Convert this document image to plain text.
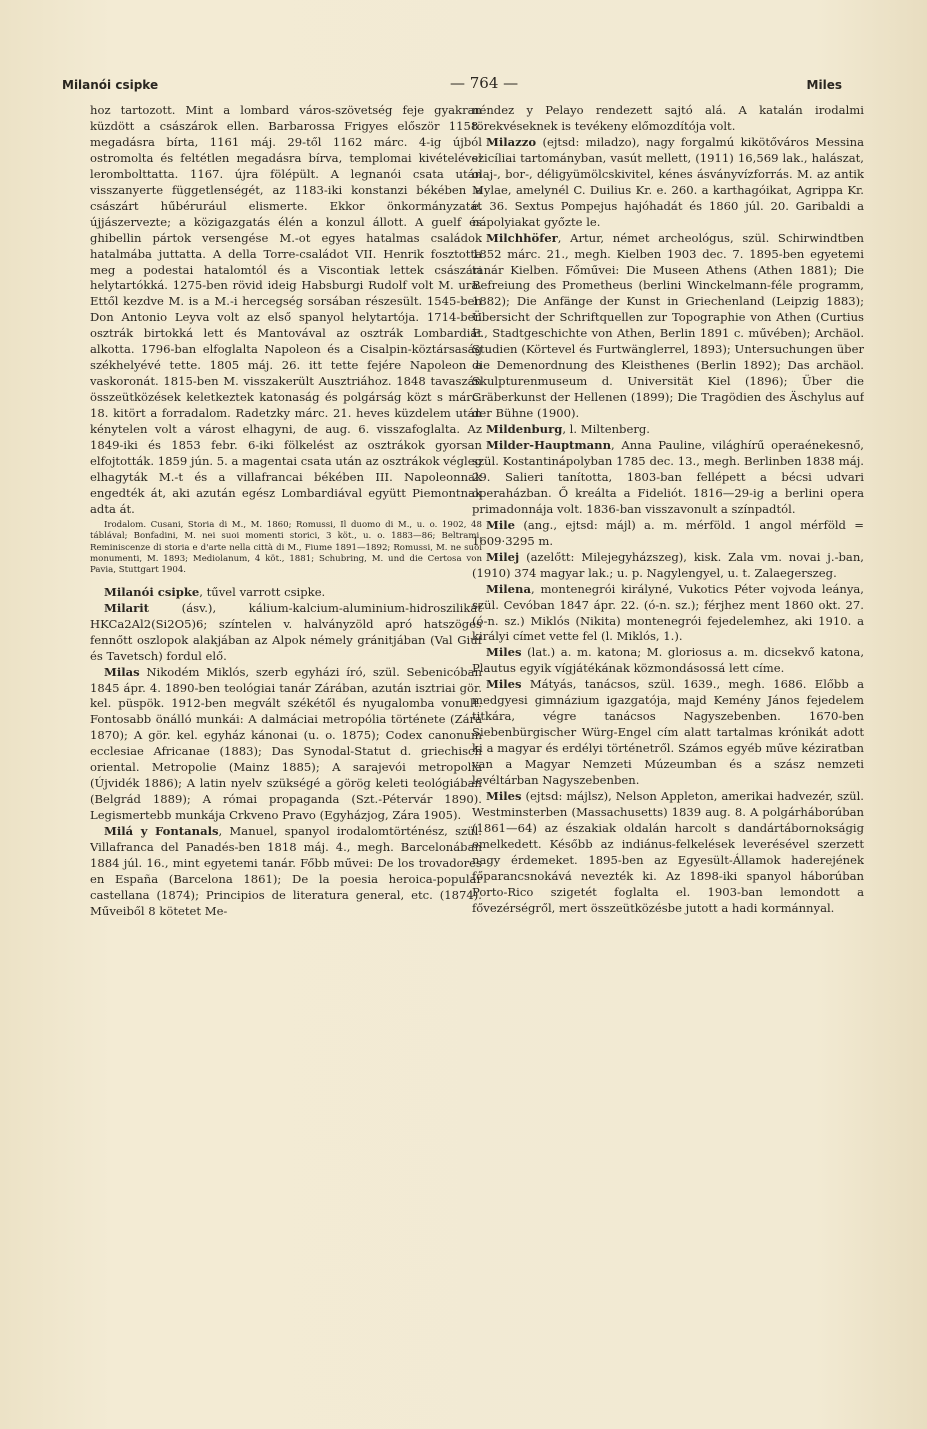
Milanói csipke	— 764 —	Miles

hoz tartozott. Mint a lombard város-szövetség feje gyakran küzdött a császárok ellen. Barbarossa Frigyes először 1158. megadásra bírta, 1161 máj. 29-től 1162 márc. 4-ig újból ostromolta és feltétlen megadásra bírva, templomai kivételével lerombolttatta. 1167. újra fölépült. A legnanói csata után visszanyerte függetlenségét, az 1183-iki konstanzi békében a császárt hűbérurául elismerte. Ekkor önkormányzatát újjászervezte; a közigazgatás élén a konzul állott. A guelf és ghibellin pártok versengése M.-ot egyes hatalmas családok hatalmába juttatta. A della Torre-családot VII. Henrik fosztotta meg a podestai hatalomtól és a Viscontiak lettek császári helytartókká. 1275-ben rövid ideig Habsburgi Rudolf volt M. ura. Ettől kezdve M. is a M.-i hercegség sorsában részesült. 1545-ben Don Antonio Leyva volt az első spanyol helytartója. 1714-ben osztrák birtokká lett és Mantovával az osztrák Lombardiát alkotta. 1796-ban elfoglalta Napoleon és a Cisalpin-köztársaság székhelyévé tette. 1805 máj. 26. itt tette fejére Napoleon a vaskoronát. 1815-ben M. visszakerült Ausztriához. 1848 tavaszán összeütközések keletkeztek katonaság és polgárság közt s márc. 18. kitört a forradalom. Radetzky márc. 21. heves küzdelem után kénytelen volt a várost elhagyni, de aug. 6. visszafoglalta. Az 1849-iki és 1853 febr. 6-iki fölkelést az osztrákok gyorsan elfojtották. 1859 jún. 5. a magentai csata után az osztrákok végleg elhagyták M.-t és a villafrancai békében III. Napoleonnak engedték át, aki azután egész Lombardiával együtt Piemontnak adta át.

Irodalom. Cusani, Storia di M., M. 1860; Romussi, Il duomo di M., u. o. 1902, 48 táblával; Bonfadini, M. nei suoi momenti storici, 3 köt., u. o. 1883—86; Beltrami, Reminiscenze di storia e d'arte nella città di M., Fiume 1891—1892; Romussi, M. ne suoi monumenti, M. 1893; Mediolanum, 4 köt., 1881; Schubring, M. und die Certosa von Pavia, Stuttgart 1904.

Milanói csipke, tűvel varrott csipke.

Milarit (ásv.), kálium-kalcium-aluminium-hidroszilikát HKCa2Al2(Si2O5)6; színtelen v. halványzöld apró hatszöges fennőtt oszlopok alakjában az Alpok némely gránitjában (Val Giuf és Tavetsch) fordul elő.

Milas Nikodém Miklós, szerb egyházi író, szül. Sebenicóban 1845 ápr. 4. 1890-ben teológiai tanár Zárában, azután isztriai gör. kel. püspök. 1912-ben megvált székétől és nyugalomba vonult. Fontosabb önálló munkái: A dalmáciai metropólia története (Zára 1870); A gör. kel. egyház kánonai (u. o. 1875); Codex canonum ecclesiae Africanae (1883); Das Synodal-Statut d. griechisch oriental. Metropolie (Mainz 1885); A sarajevói metropolia (Újvidék 1886); A latin nyelv szükségé a görög keleti teológiában (Belgrád 1889); A római propaganda (Szt.-Pétervár 1890). Legismertebb munkája Crkveno Pravo (Egyházjog, Zára 1905).

Milá y Fontanals, Manuel, spanyol irodalomtörténész, szül. Villafranca del Panadés-ben 1818 máj. 4., megh. Barcelonában 1884 júl. 16., mint egyetemi tanár. Főbb művei: De los trovadores en España (Barcelona 1861); De la poesia heroica-popular castellana (1874); Principios de literatura general, etc. (1874). Műveiből 8 kötetet Me-

néndez y Pelayo rendezett sajtó alá. A katalán irodalmi törekvéseknek is tevékeny előmozdítója volt.

Milazzo (ejtsd: miladzo), nagy forgalmú kikötőváros Messina szicíliai tartományban, vasút mellett, (1911) 16,569 lak., halászat, olaj-, bor-, déligyümölcskivitel, kénes ásványvízforrás. M. az antik Mylae, amelynél C. Duilius Kr. e. 260. a karthagóikat, Agrippa Kr. e. 36. Sextus Pompejus hajóhadát és 1860 júl. 20. Garibaldi a nápolyiakat győzte le.

Milchhöfer, Artur, német archeológus, szül. Schirwindtben 1852 márc. 21., megh. Kielben 1903 dec. 7. 1895-ben egyetemi tanár Kielben. Főművei: Die Museen Athens (Athen 1881); Die Befreiung des Prometheus (berlini Winckelmann-féle programm, 1882); Die Anfänge der Kunst in Griechenland (Leipzig 1883); Übersicht der Schriftquellen zur Topographie von Athen (Curtius E., Stadtgeschichte von Athen, Berlin 1891 c. művében); Archäol. Studien (Körtevel és Furtwänglerrel, 1893); Untersuchungen über die Demenordnung des Kleisthenes (Berlin 1892); Das archäol. Skulpturenmuseum d. Universität Kiel (1896); Über die Gräberkunst der Hellenen (1899); Die Tragödien des Äschylus auf der Bühne (1900).

Mildenburg, l. Miltenberg.

Milder-Hauptmann, Anna Pauline, világhírű operaénekesnő, szül. Kostantinápolyban 1785 dec. 13., megh. Berlinben 1838 máj. 29. Salieri tanította, 1803-ban fellépett a bécsi udvari operaházban. Ő kreálta a Fideliót. 1816—29-ig a berlini opera primadonnája volt. 1836-ban visszavonult a színpadtól.

Mile (ang., ejtsd: májl) a. m. mérföld. 1 angol mérföld = 1609·3295 m.

Milej (azelőtt: Milejegyházszeg), kisk. Zala vm. novai j.-ban, (1910) 374 magyar lak.; u. p. Nagylengyel, u. t. Zalaegerszeg.

Milena, montenegrói királyné, Vukotics Péter vojvoda leánya, szül. Cevóban 1847 ápr. 22. (ó-n. sz.); férjhez ment 1860 okt. 27. (ó-n. sz.) Miklós (Nikita) montenegrói fejedelemhez, aki 1910. a királyi címet vette fel (l. Miklós, 1.).

Miles (lat.) a. m. katona; M. gloriosus a. m. dicsekvő katona, Plautus egyik vígjátékának közmondásossá lett címe.

Miles Mátyás, tanácsos, szül. 1639., megh. 1686. Előbb a medgyesi gimnázium igazgatója, majd Kemény János fejedelem titkára, végre tanácsos Nagyszebenben. 1670-ben Siebenbürgischer Würg-Engel cím alatt tartalmas krónikát adott ki a magyar és erdélyi történetről. Számos egyéb műve kéziratban van a Magyar Nemzeti Múzeumban és a szász nemzeti levéltárban Nagyszebenben.

Miles (ejtsd: májlsz), Nelson Appleton, amerikai hadvezér, szül. Westminsterben (Massachusetts) 1839 aug. 8. A polgárháborúban (1861—64) az északiak oldalán harcolt s dandártábornokságig emelkedett. Később az indiánus-felkelések leverésével szerzett nagy érdemeket. 1895-ben az Egyesült-Államok haderejének főparancsnokává nevezték ki. Az 1898-iki spanyol háborúban Porto-Rico szigetét foglalta el. 1903-ban lemondott a fővezérségről, mert összeütközésbe jutott a hadi kormánnyal.
